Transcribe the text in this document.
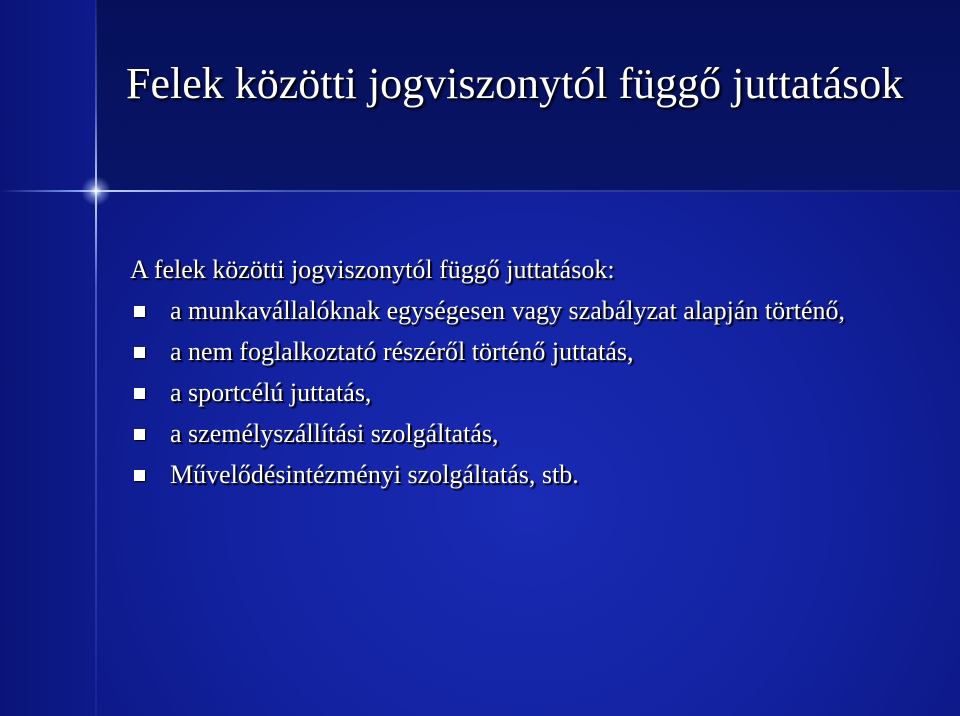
Felek közötti jogviszonytól függő juttatások

A felek közötti jogviszonytól függő juttatások:

a munkavállalóknak egységesen vagy szabályzat alapján történő,
a nem foglalkoztató részéről történő juttatás,
a sportcélú juttatás,
a személyszállítási szolgáltatás,
Művelődésintézményi szolgáltatás, stb.
